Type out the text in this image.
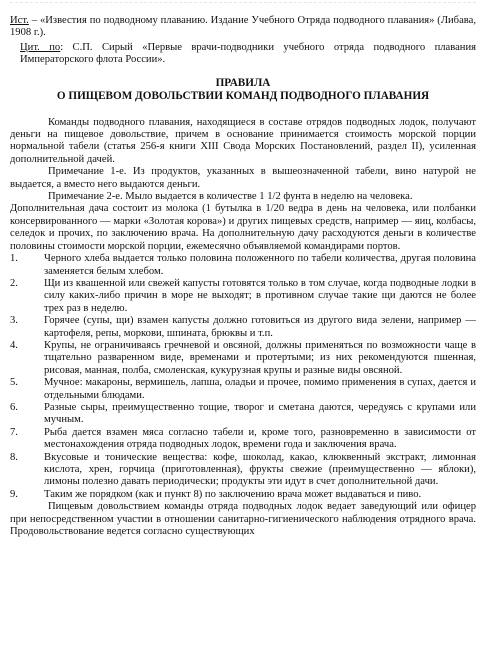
Ист. – «Известия по подводному плаванию. Издание Учебного Отряда подводного плавания» (Либава, 1908 г.).

Цит. по: С.П. Сирый «Первые врачи-подводники учебного отряда подводного плавания Императорского флота России».

ПРАВИЛА
О ПИЩЕВОМ ДОВОЛЬСТВИИ КОМАНД ПОДВОДНОГО ПЛАВАНИЯ

Команды подводного плавания, находящиеся в составе отрядов подводных лодок, получают деньги на пищевое довольствие, причем в основание принимается стоимость морской порции нормальной табели (статья 256-я книги XIII Свода Морских Постановлений, раздел II), усиленная дополнительной дачей.

Примечание 1-е. Из продуктов, указанных в вышеозначенной табели, вино натурой не выдается, а вместо него выдаются деньги.

Примечание 2-е. Мыло выдается в количестве 1 1/2 фунта в неделю на человека.

Дополнительная дача состоит из молока (1 бутылка в 1/20 ведра в день на человека, или полбанки консервированного — марки «Золотая корова») и других пищевых средств, например — яиц, колбасы, селедок и прочих, по заключению врача. На дополнительную дачу расходуются деньги в количестве половины стоимости морской порции, ежемесячно объявляемой командирами портов.

1.	Черного хлеба выдается только половина положенного по табели количества, другая половина заменяется белым хлебом.
2.	Щи из квашенной или свежей капусты готовятся только в том случае, когда подводные лодки в силу каких-либо причин в море не выходят; в противном случае такие щи даются не более трех раз в неделю.
3.	Горячее (супы, щи) взамен капусты должно готовиться из другого вида зелени, например — картофеля, репы, моркови, шпината, брюквы и т.п.
4.	Крупы, не ограничиваясь гречневой и овсяной, должны применяться по возможности чаще в тщательно разваренном виде, временами и протертыми; из них рекомендуются пшенная, рисовая, манная, полба, смоленская, кукурузная крупы и разные виды овсяной.
5.	Мучное: макароны, вермишель, лапша, оладьи и прочее, помимо применения в супах, дается и отдельными блюдами.
6.	Разные сыры, преимущественно тощие, творог и сметана даются, чередуясь с крупами или мучным.
7.	Рыба дается взамен мяса согласно табели и, кроме того, разновременно в зависимости от местонахождения отряда подводных лодок, времени года и заключения врача.
8.	Вкусовые и тонические вещества: кофе, шоколад, какао, клюквенный экстракт, лимонная кислота, хрен, горчица (приготовленная), фрукты свежие (преимущественно — яблоки), лимоны полезно давать периодически; продукты эти идут в счет дополнительной дачи.
9.	Таким же порядком (как и пункт 8) по заключению врача может выдаваться и пиво.

Пищевым довольствием команды отряда подводных лодок ведает заведующий или офицер при непосредственном участии в отношении санитарно-гигиенического наблюдения отрядного врача. Продовольствование ведется согласно существующих
